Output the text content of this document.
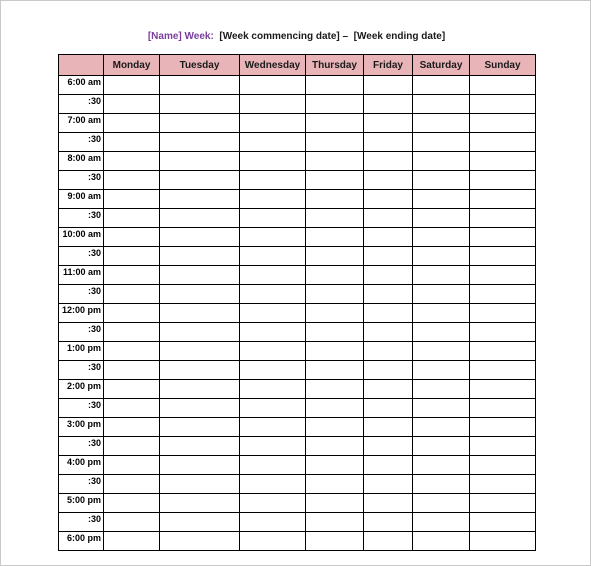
[Name] Week: [Week commencing date] – [Week ending date]
	Monday	Tuesday	Wednesday	Thursday	Friday	Saturday	Sunday
6:00 am							
:30							
7:00 am							
:30							
8:00 am							
:30							
9:00 am							
:30							
10:00 am							
:30							
11:00 am							
:30							
12:00 pm							
:30							
1:00 pm							
:30							
2:00 pm							
:30							
3:00 pm							
:30							
4:00 pm							
:30							
5:00 pm							
:30							
6:00 pm							
